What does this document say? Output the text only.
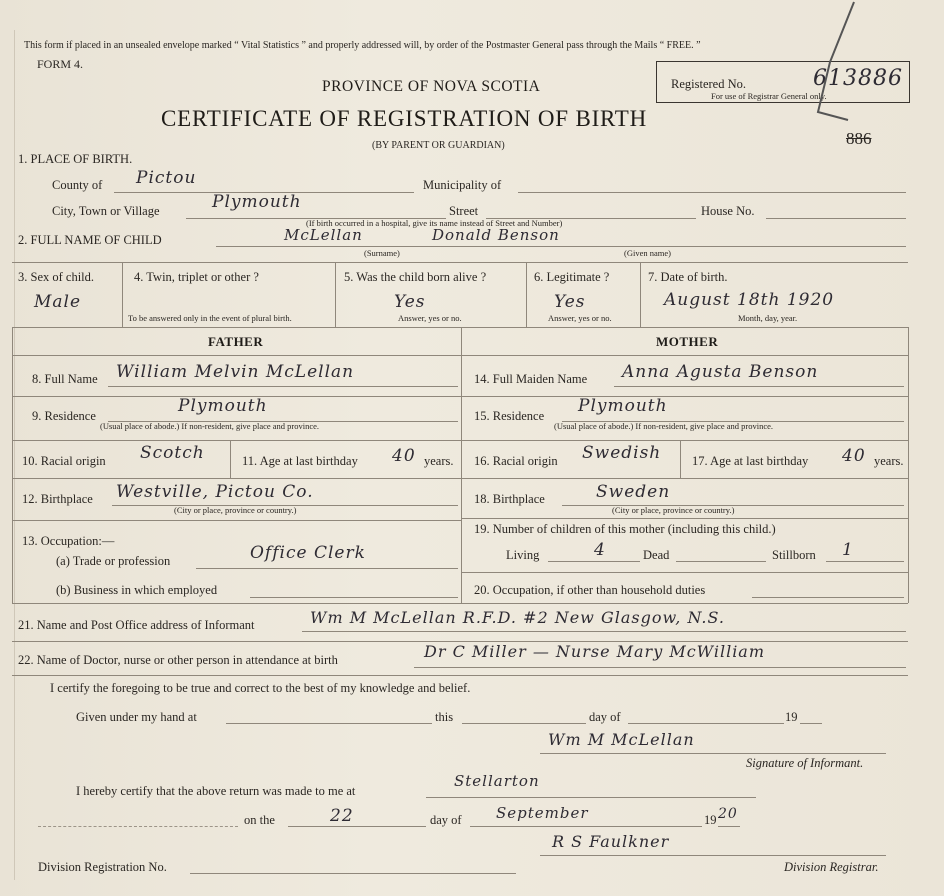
This form if placed in an unsealed envelope marked “ Vital Statistics ” and properly addressed will, by order of the Postmaster General pass through the Mails “ FREE. ”
FORM 4.
PROVINCE OF NOVA SCOTIA
CERTIFICATE OF REGISTRATION OF BIRTH
(BY PARENT OR GUARDIAN)
Registered No.	613886
For use of Registrar General only.
886
1. PLACE OF BIRTH.
County of Pictou	Municipality of
City, Town or Village	Plymouth	Street
(If birth occurred in a hospital, give its name instead of Street and Number)
House No.
2. FULL NAME OF CHILD	McLellan	Donald Benson
(Surname)	(Given name)
3. Sex of child.
Male
4. Twin, triplet or other ?
To be answered only in the event of plural birth.
5. Was the child born alive ?
Yes
Answer, yes or no.
6. Legitimate ?
Yes
Answer, yes or no.
7. Date of birth.
August 18th 1920
Month, day, year.
FATHER	MOTHER
8. Full Name William Melvin McLellan
9. Residence	Plymouth
(Usual place of abode.) If non-resident, give place and province.
10. Racial origin Scotch	11. Age at last birthday 40 years.
12. Birthplace Westville, Pictou Co.
(City or place, province or country.)
13. Occupation:—
(a) Trade or profession	Office Clerk
(b) Business in which employed
14. Full Maiden Name Anna Agusta Benson
15. Residence Plymouth
(Usual place of abode.) If non-resident, give place and province.
16. Racial origin Swedish 17. Age at last birthday 40 years.
18. Birthplace	Sweden
(City or place, province or country.)
19. Number of children of this mother (including this child.)
Living	4	Dead	Stillborn 1
20. Occupation, if other than household duties
21. Name and Post Office address of Informant	Wm M McLellan R.F.D. #2 New Glasgow, N.S.
22. Name of Doctor, nurse or other person in attendance at birth	Dr C Miller — Nurse Mary McWilliam
I certify the foregoing to be true and correct to the best of my knowledge and belief.
Given under my hand at	this	day of	19
Wm M McLellan
Signature of Informant.
I hereby certify that the above return was made to me at
Stellarton
on the	22	day of September	19 20
Division Registration No.
R S Faulkner
Division Registrar.
